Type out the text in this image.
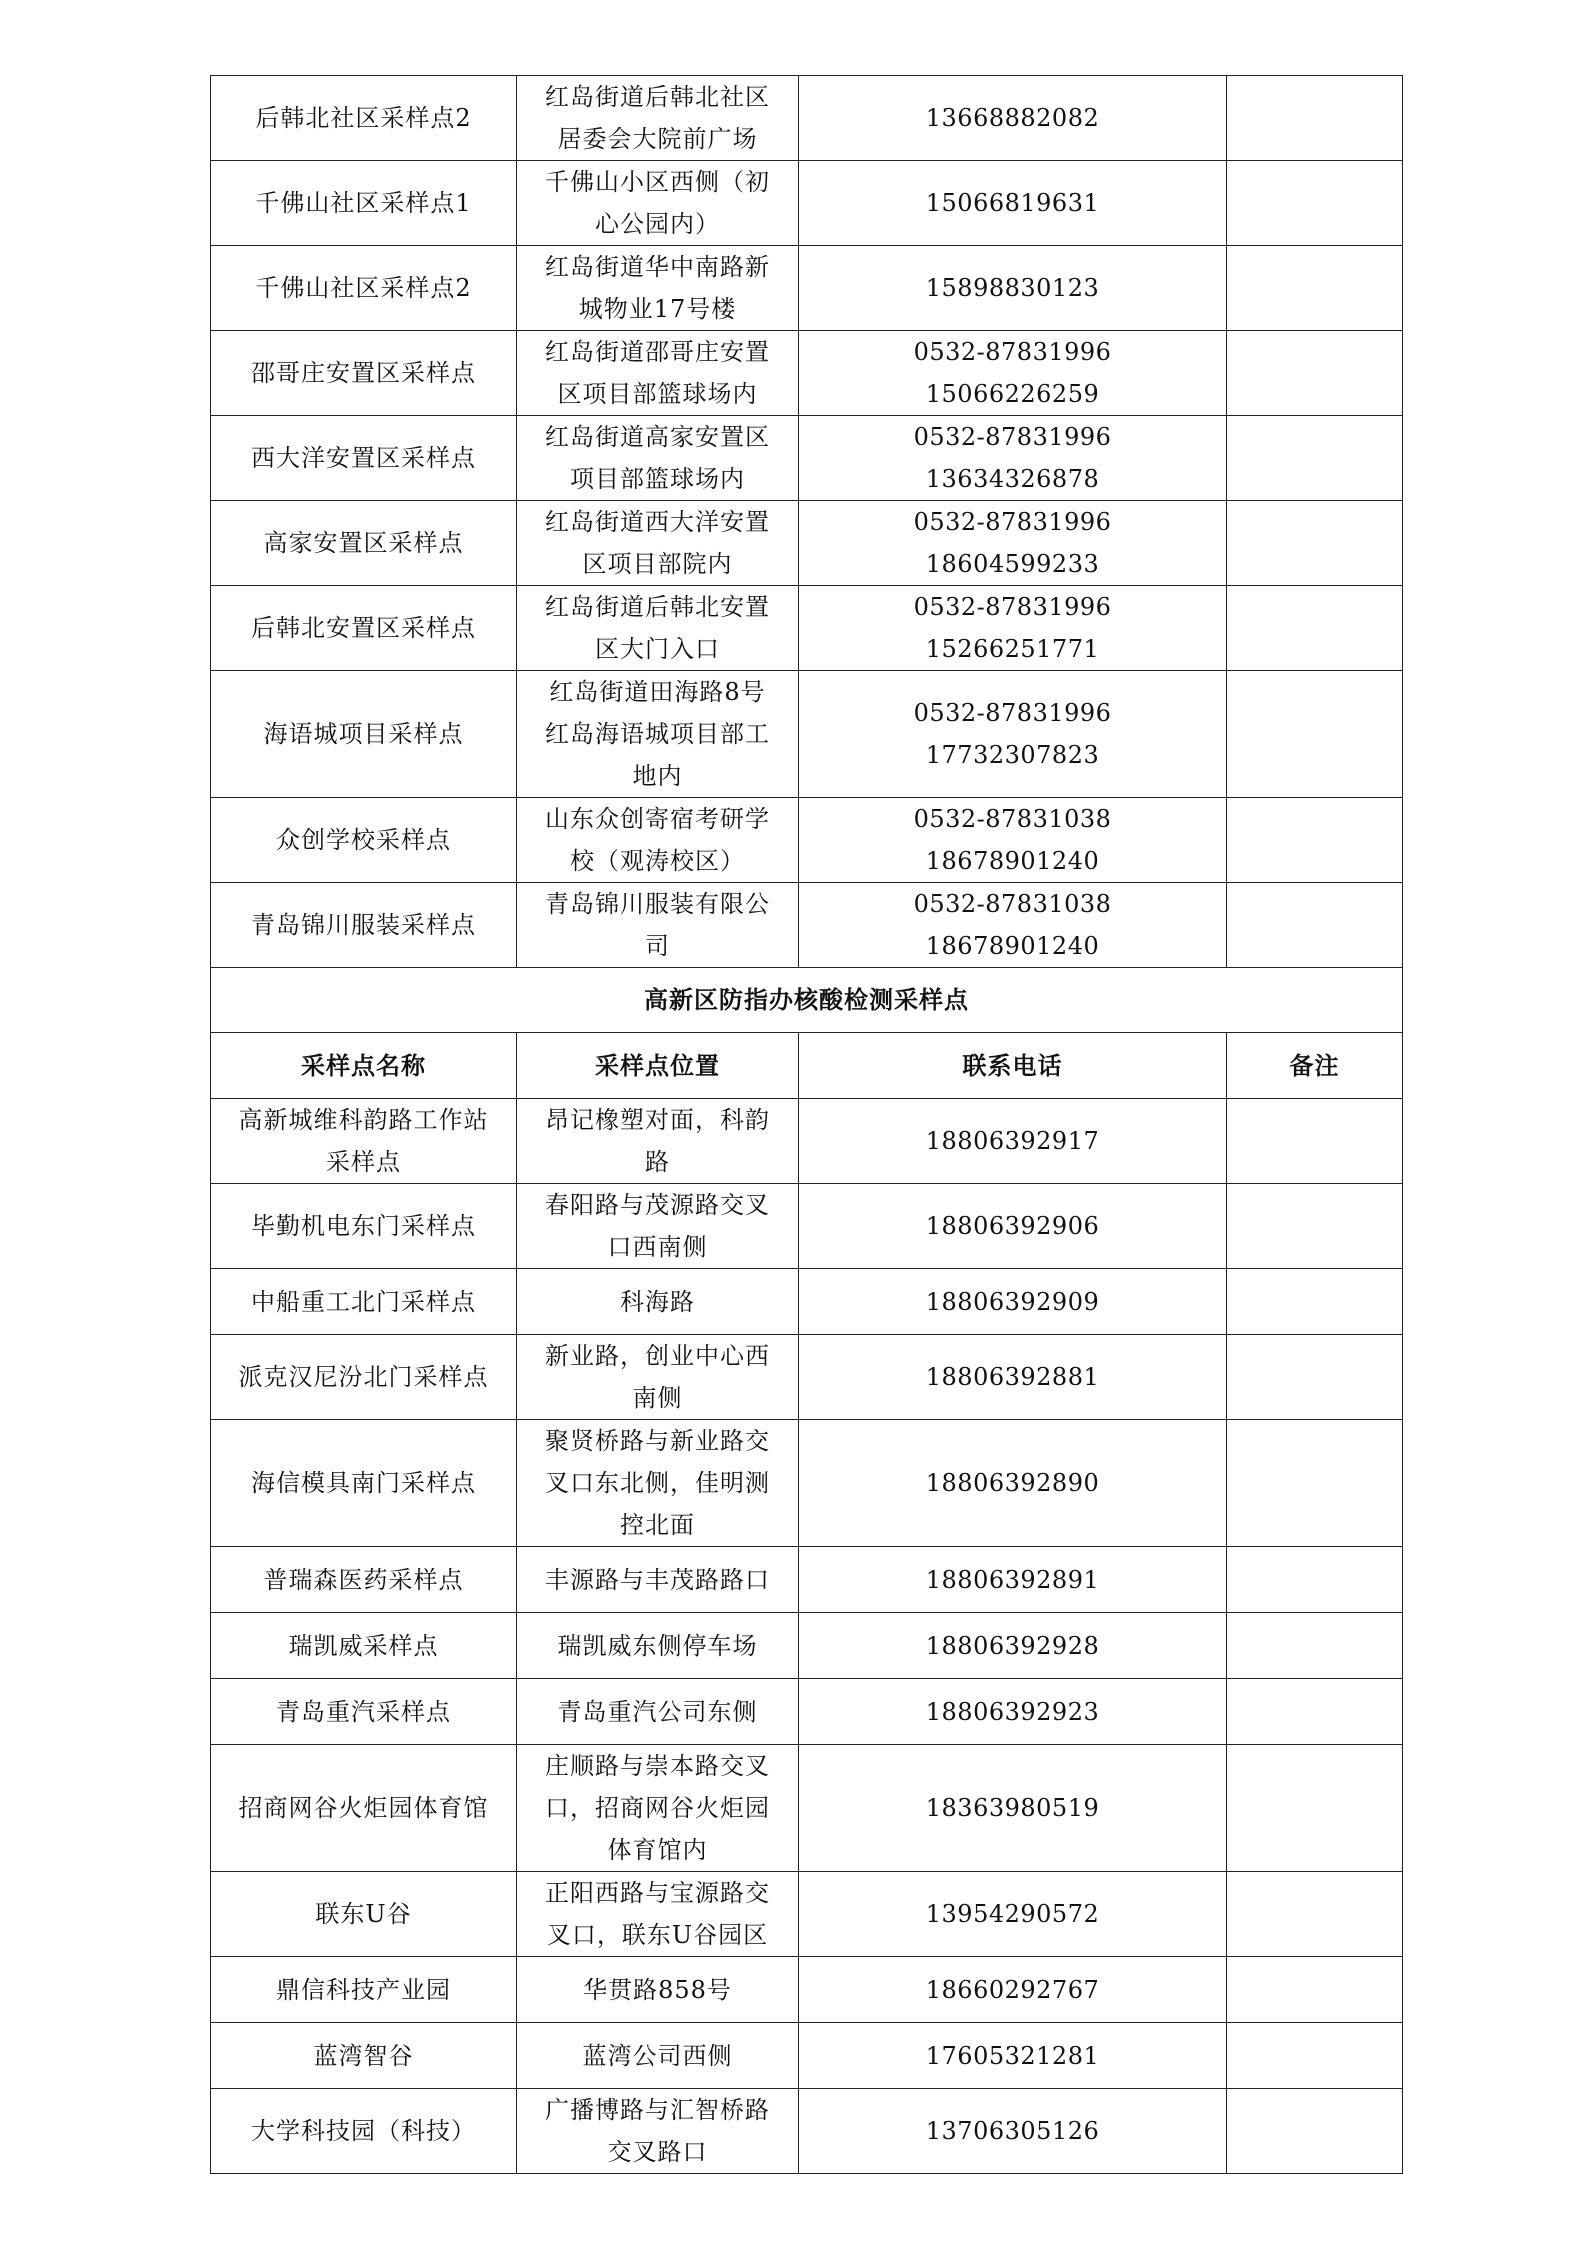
后韩北社区采样点2	红岛街道后韩北社区
居委会大院前广场	13668882082	

千佛山社区采样点1	千佛山小区西侧（初
心公园内）	15066819631	

千佛山社区采样点2	红岛街道华中南路新
城物业17号楼	15898830123	

邵哥庄安置区采样点	红岛街道邵哥庄安置
区项目部篮球场内	0532-87831996
15066226259	

西大洋安置区采样点	红岛街道高家安置区
项目部篮球场内	0532-87831996
13634326878	

高家安置区采样点	红岛街道西大洋安置
区项目部院内	0532-87831996
18604599233	

后韩北安置区采样点	红岛街道后韩北安置
区大门入口	0532-87831996
15266251771	

海语城项目采样点	红岛街道田海路8号
红岛海语城项目部工
地内	0532-87831996
17732307823	

众创学校采样点	山东众创寄宿考研学
校（观涛校区）	0532-87831038
18678901240	

青岛锦川服装采样点	青岛锦川服装有限公
司	0532-87831038
18678901240	

高新区防指办核酸检测采样点			
采样点名称	采样点位置	联系电话	备注

高新城维科韵路工作站
采样点	昂记橡塑对面，科韵
路	18806392917	

毕勤机电东门采样点	春阳路与茂源路交叉
口西南侧	18806392906	

中船重工北门采样点	科海路	18806392909	

派克汉尼汾北门采样点	新业路，创业中心西
南侧	18806392881	

海信模具南门采样点	聚贤桥路与新业路交
叉口东北侧，佳明测
控北面	18806392890	

普瑞森医药采样点	丰源路与丰茂路路口	18806392891	

瑞凯威采样点	瑞凯威东侧停车场	18806392928	

青岛重汽采样点	青岛重汽公司东侧	18806392923	

招商网谷火炬园体育馆	庄顺路与崇本路交叉
口，招商网谷火炬园
体育馆内	18363980519	

联东U谷	正阳西路与宝源路交
叉口，联东U谷园区	13954290572	

鼎信科技产业园	华贯路858号	18660292767	

蓝湾智谷	蓝湾公司西侧	17605321281	

大学科技园（科技）	广播博路与汇智桥路
交叉路口	13706305126	
